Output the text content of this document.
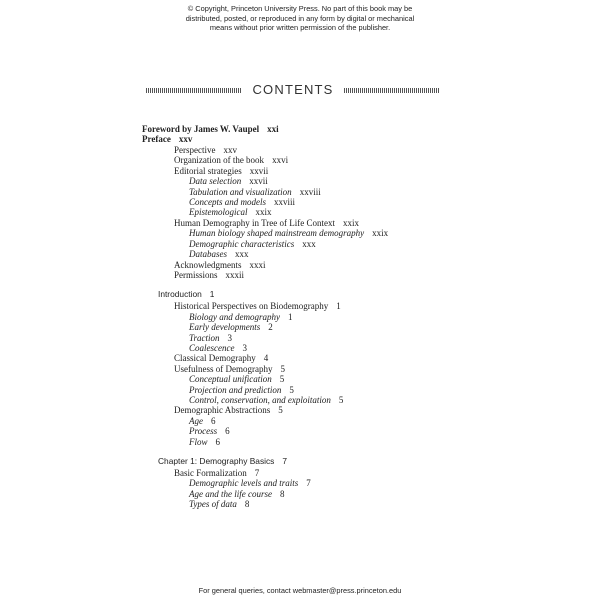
© Copyright, Princeton University Press. No part of this book may be
distributed, posted, or reproduced in any form by digital or mechanical
means without prior written permission of the publisher.
CONTENTS
Foreword by James W. Vaupel xxi
Preface xxv
Perspective xxv
Organization of the book xxvi
Editorial strategies xxvii
Data selection xxvii
Tabulation and visualization xxviii
Concepts and models xxviii
Epistemological xxix
Human Demography in Tree of Life Context xxix
Human biology shaped mainstream demography xxix
Demographic characteristics xxx
Databases xxx
Acknowledgments xxxi
Permissions xxxii
Introduction 1
Historical Perspectives on Biodemography 1
Biology and demography 1
Early developments 2
Traction 3
Coalescence 3
Classical Demography 4
Usefulness of Demography 5
Conceptual unification 5
Projection and prediction 5
Control, conservation, and exploitation 5
Demographic Abstractions 5
Age 6
Process 6
Flow 6
Chapter 1: Demography Basics 7
Basic Formalization 7
Demographic levels and traits 7
Age and the life course 8
Types of data 8
For general queries, contact webmaster@press.princeton.edu
